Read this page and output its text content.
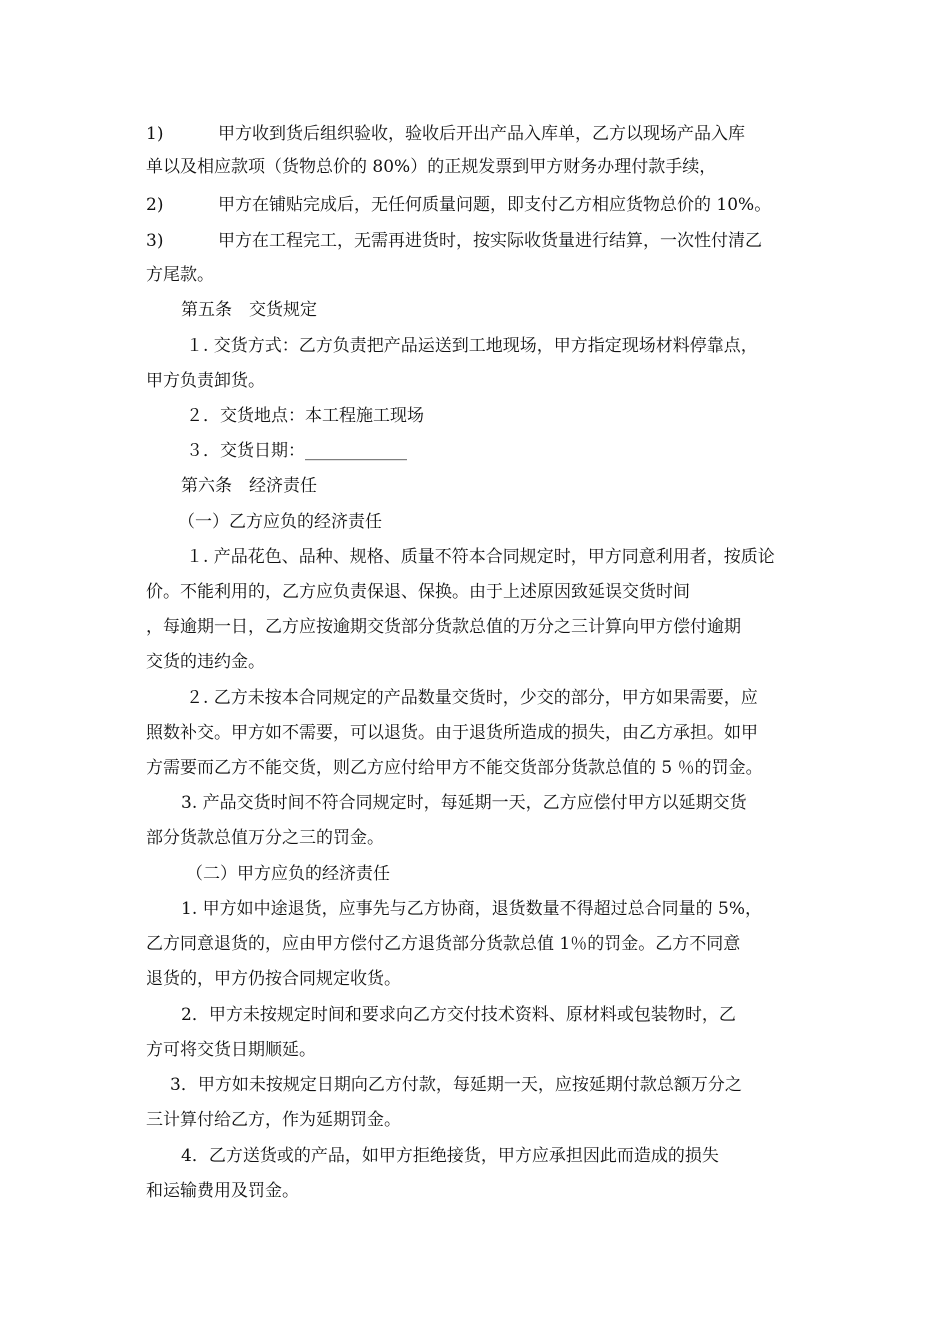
1)	甲方收到货后组织验收，验收后开出产品入库单，乙方以现场产品入库
单以及相应款项（货物总价的 80%）的正规发票到甲方财务办理付款手续，
2)	甲方在铺贴完成后，无任何质量问题，即支付乙方相应货物总价的 10%。
3)	甲方在工程完工，无需再进货时，按实际收货量进行结算，一次性付清乙
方尾款。
第五条　交货规定
１. 交货方式：乙方负责把产品运送到工地现场，甲方指定现场材料停靠点，
甲方负责卸货。
２．交货地点：本工程施工现场
３．交货日期：____________
第六条　经济责任
（一）乙方应负的经济责任
１. 产品花色、品种、规格、质量不符本合同规定时，甲方同意利用者，按质论
价。不能利用的，乙方应负责保退、保换。由于上述原因致延误交货时间
，每逾期一日，乙方应按逾期交货部分货款总值的万分之三计算向甲方偿付逾期
交货的违约金。
２. 乙方未按本合同规定的产品数量交货时，少交的部分，甲方如果需要，应
照数补交。甲方如不需要，可以退货。由于退货所造成的损失，由乙方承担。如甲
方需要而乙方不能交货，则乙方应付给甲方不能交货部分货款总值的 5 ％的罚金。
3. 产品交货时间不符合同规定时，每延期一天，乙方应偿付甲方以延期交货
部分货款总值万分之三的罚金。
（二）甲方应负的经济责任
1. 甲方如中途退货，应事先与乙方协商，退货数量不得超过总合同量的 5%，
乙方同意退货的，应由甲方偿付乙方退货部分货款总值 1％的罚金。乙方不同意
退货的，甲方仍按合同规定收货。
2．甲方未按规定时间和要求向乙方交付技术资料、原材料或包装物时，乙
方可将交货日期顺延。
3．甲方如未按规定日期向乙方付款，每延期一天，应按延期付款总额万分之
三计算付给乙方，作为延期罚金。
4．乙方送货或的产品，如甲方拒绝接货，甲方应承担因此而造成的损失
和运输费用及罚金。
